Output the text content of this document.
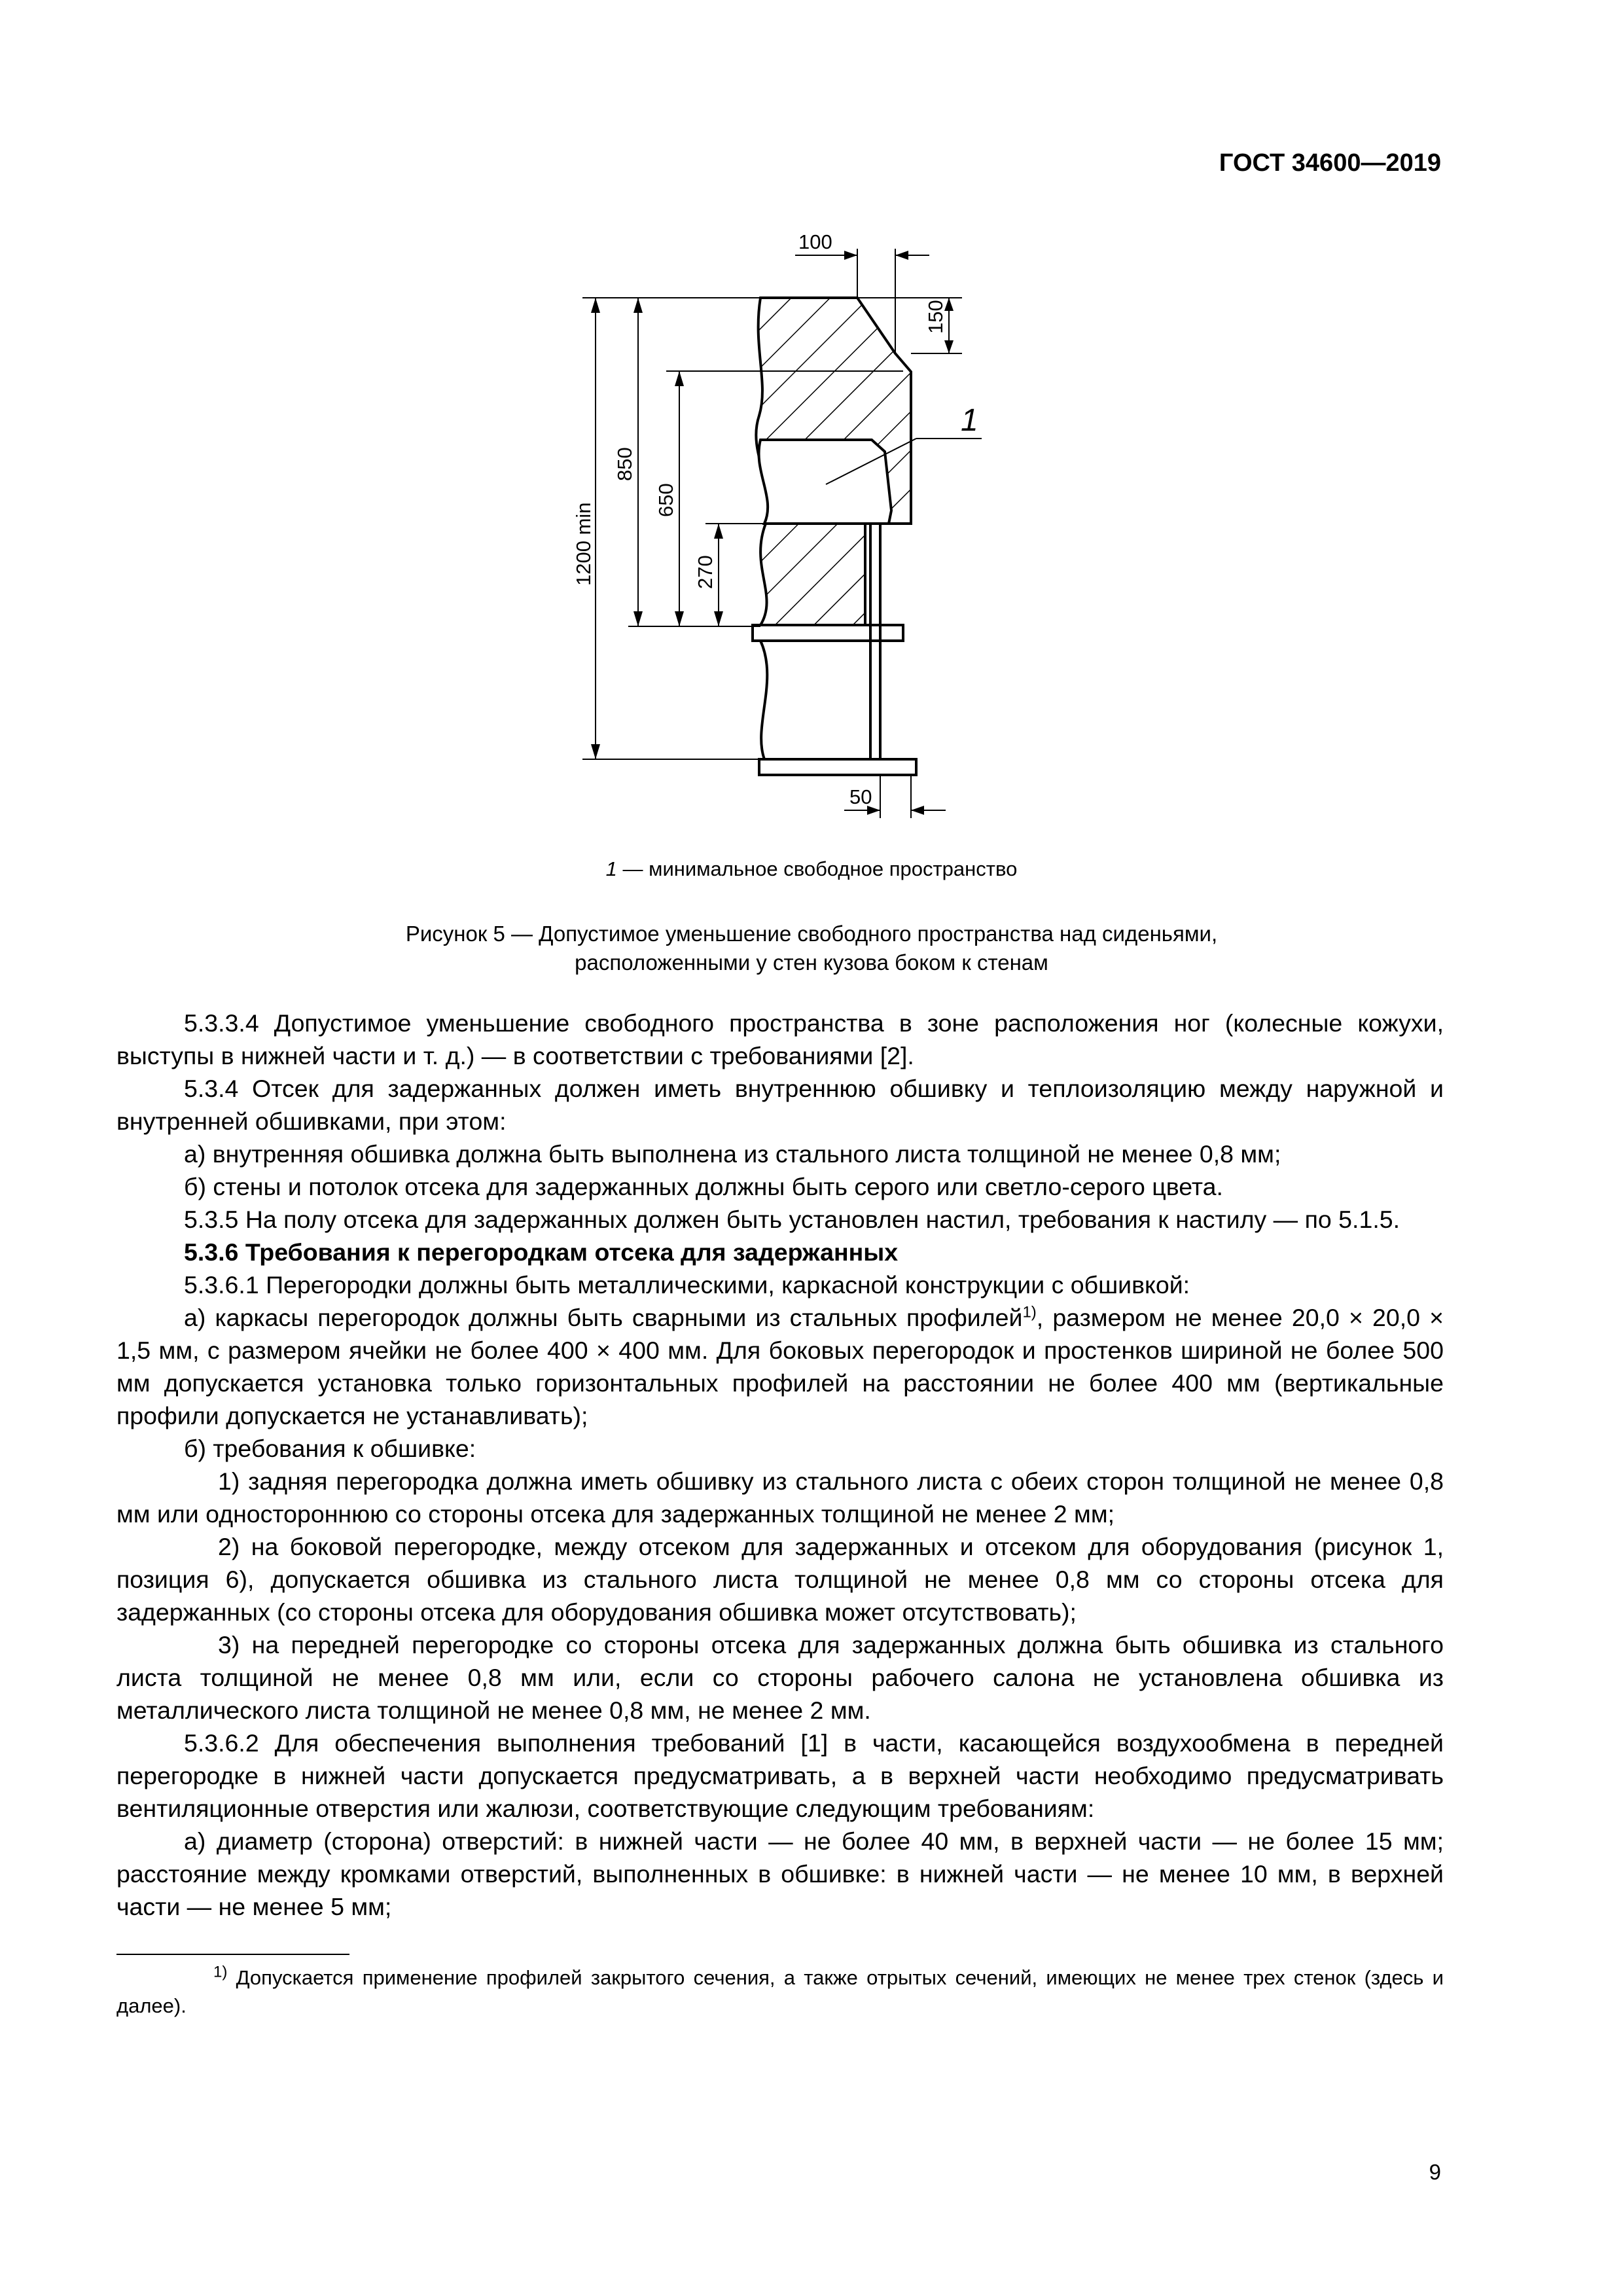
ГОСТ 34600—2019
100
150
1200 min
850
650
270
50
1
1 — минимальное свободное пространство
Рисунок 5 — Допустимое уменьшение свободного пространства над сиденьями,
расположенными у стен кузова боком к стенам

5.3.3.4 Допустимое уменьшение свободного пространства в зоне расположения ног (колесные кожухи, выступы в нижней части и т. д.) — в соответствии с требованиями [2].

5.3.4 Отсек для задержанных должен иметь внутреннюю обшивку и теплоизоляцию между наружной и внутренней обшивками, при этом:

а) внутренняя обшивка должна быть выполнена из стального листа толщиной не менее 0,8 мм;

б) стены и потолок отсека для задержанных должны быть серого или светло-серого цвета.

5.3.5 На полу отсека для задержанных должен быть установлен настил, требования к настилу — по 5.1.5.

5.3.6 Требования к перегородкам отсека для задержанных

5.3.6.1 Перегородки должны быть металлическими, каркасной конструкции с обшивкой:

а) каркасы перегородок должны быть сварными из стальных профилей$^{1)}$, размером не менее 20,0 × 20,0 × 1,5 мм, с размером ячейки не более 400 × 400 мм. Для боковых перегородок и простенков шириной не более 500 мм допускается установка только горизонтальных профилей на расстоянии не более 400 мм (вертикальные профили допускается не устанавливать);

б) требования к обшивке:

1) задняя перегородка должна иметь обшивку из стального листа с обеих сторон толщиной не менее 0,8 мм или одностороннюю со стороны отсека для задержанных толщиной не менее 2 мм;

2) на боковой перегородке, между отсеком для задержанных и отсеком для оборудования (рисунок 1, позиция 6), допускается обшивка из стального листа толщиной не менее 0,8 мм со стороны отсека для задержанных (со стороны отсека для оборудования обшивка может отсутствовать);

3) на передней перегородке со стороны отсека для задержанных должна быть обшивка из стального листа толщиной не менее 0,8 мм или, если со стороны рабочего салона не установлена обшивка из металлического листа толщиной не менее 0,8 мм, не менее 2 мм.

5.3.6.2 Для обеспечения выполнения требований [1] в части, касающейся воздухообмена в передней перегородке в нижней части допускается предусматривать, а в верхней части необходимо предусматривать вентиляционные отверстия или жалюзи, соответствующие следующим требованиям:

а) диаметр (сторона) отверстий: в нижней части — не более 40 мм, в верхней части — не более 15 мм; расстояние между кромками отверстий, выполненных в обшивке: в нижней части — не менее 10 мм, в верхней части — не менее 5 мм;

$^{1)}$ Допускается применение профилей закрытого сечения, а также отрытых сечений, имеющих не менее трех стенок (здесь и далее).

9
